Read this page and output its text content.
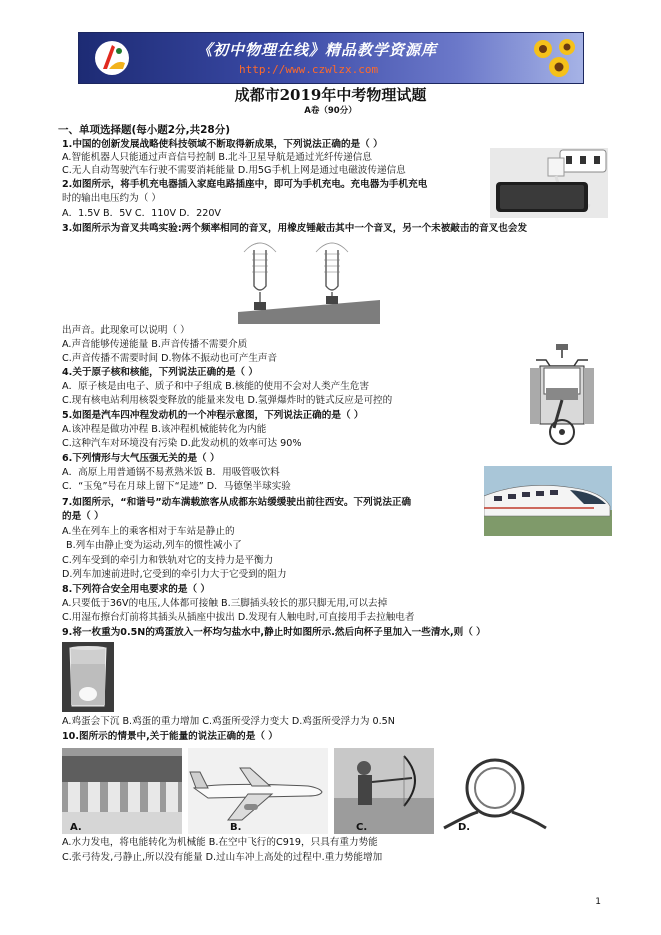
《初中物理在线》精品教学资源库
http://www.czwlzx.com
成都市2019年中考物理试题
A卷（90分）
一、单项选择题(每小题2分,共28分)
1.中国的创新发展战略使科技领域不断取得新成果，下列说法正确的是（ ）
A.智能机器人只能通过声音信号控制 B.北斗卫星导航是通过光纤传递信息
C.无人自动驾驶汽车行驶不需要消耗能量 D.用5G手机上网是通过电磁波传递信息
2.如图所示，将手机充电器插入家庭电路插座中，即可为手机充电。充电器为手机充电
时的输出电压约为（ ）
A．1.5V B．5V C．110V D．220V
3.如图所示为音叉共鸣实验:两个频率相同的音叉，用橡皮锤敲击其中一个音叉，另一个未被敲击的音叉也会发
出声音。此现象可以说明（ ）
A.声音能够传递能量 B.声音传播不需要介质
C.声音传播不需要时间 D.物体不振动也可产生声音
4.关于原子核和核能，下列说法正确的是（ ）
A．原子核是由电子、质子和中子组成 B.核能的使用不会对人类产生危害
C.现有核电站利用核裂变释放的能量来发电 D.氢弹爆炸时的链式反应是可控的
5.如图是汽车四冲程发动机的一个冲程示意图，下列说法正确的是（ ）
A.该冲程是做功冲程 B.该冲程机械能转化为内能
C.这种汽车对环境没有污染 D.此发动机的效率可达 90%
6.下列情形与大气压强无关的是（ ）
A．高原上用普通锅不易煮熟米饭 B．用吸管吸饮料
C．“玉兔”号在月球上留下“足迹” D．马德堡半球实验
7.如图所示，“和谐号”动车满载旅客从成都东站缓缓驶出前往西安。下列说法正确
的是（ ）
A.坐在列车上的乘客相对于车站是静止的
B.列车由静止变为运动,列车的惯性减小了
C.列车受到的牵引力和铁轨对它的支持力是平衡力
D.列车加速前进时,它受到的牵引力大于它受到的阻力
8.下列符合安全用电要求的是（ ）
A.只要低于36V的电压,人体都可接触 B.三脚插头较长的那只脚无用,可以去掉
C.用湿布擦台灯前将其插头从插座中拔出 D.发现有人触电时,可直接用手去拉触电者
9.将一枚重为0.5N的鸡蛋放入一杯均匀盐水中,静止时如图所示.然后向杯子里加入一些清水,则（ ）
A.鸡蛋会下沉 B.鸡蛋的重力增加 C.鸡蛋所受浮力变大 D.鸡蛋所受浮力为 0.5N
10.图所示的情景中,关于能量的说法正确的是（ ）
A.水力发电，将电能转化为机械能 B.在空中飞行的C919，只具有重力势能
C.张弓待发,弓静止,所以没有能量 D.过山车冲上高处的过程中.重力势能增加
A.	B.	C.	D.
1
